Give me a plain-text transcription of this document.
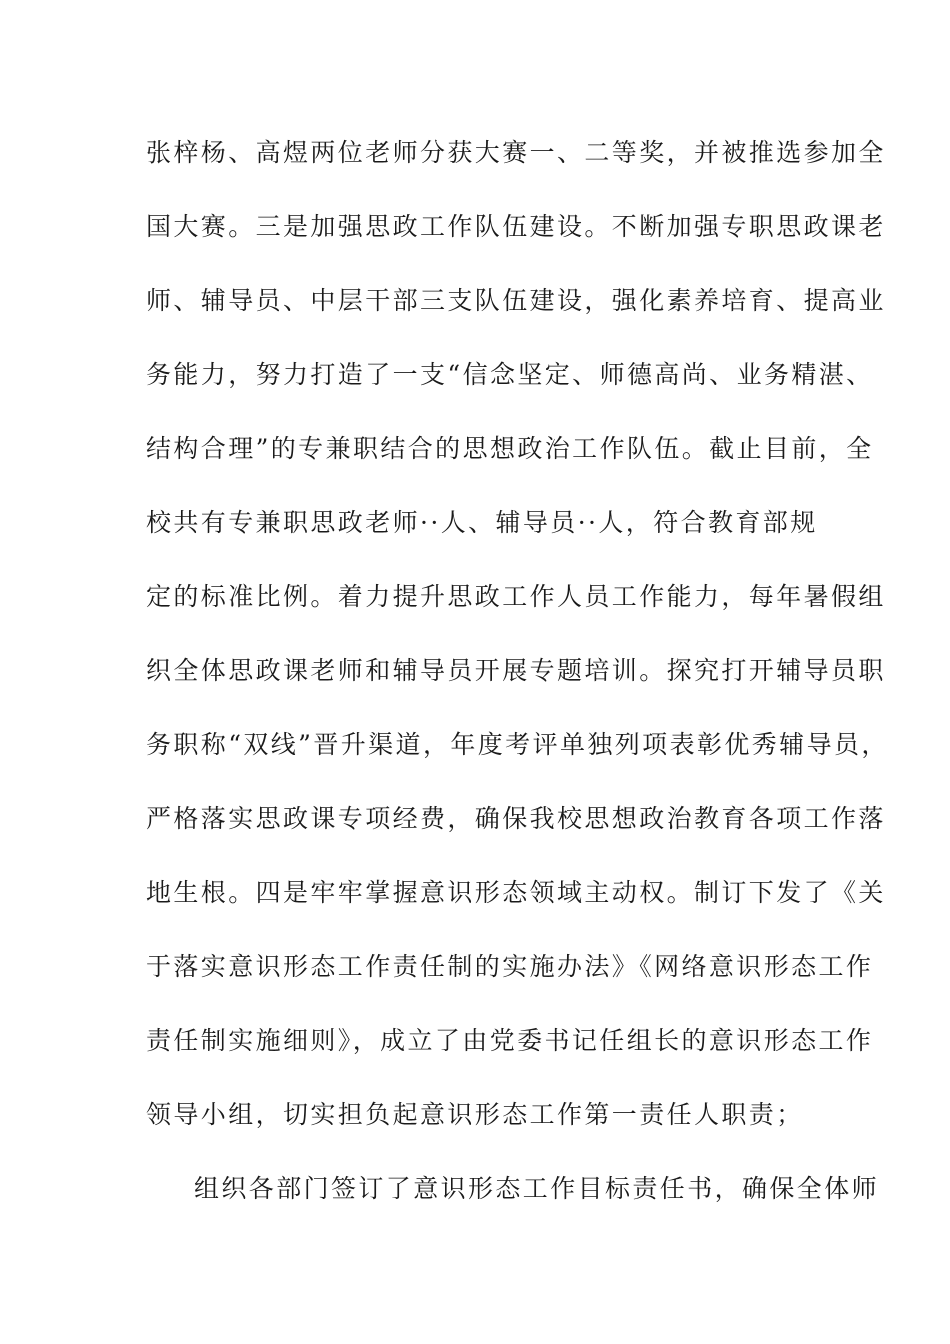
张梓杨、高煜两位老师分获大赛一、二等奖，并被推选参加全
国大赛。三是加强思政工作队伍建设。不断加强专职思政课老
师、辅导员、中层干部三支队伍建设，强化素养培育、提高业
务能力，努力打造了一支“信念坚定、师德高尚、业务精湛、
结构合理”的专兼职结合的思想政治工作队伍。截止目前，全
校共有专兼职思政老师··人、辅导员··人，符合教育部规
定的标准比例。着力提升思政工作人员工作能力，每年暑假组
织全体思政课老师和辅导员开展专题培训。探究打开辅导员职
务职称“双线”晋升渠道，年度考评单独列项表彰优秀辅导员，
严格落实思政课专项经费，确保我校思想政治教育各项工作落
地生根。四是牢牢掌握意识形态领域主动权。制订下发了《关
于落实意识形态工作责任制的实施办法》《网络意识形态工作
责任制实施细则》，成立了由党委书记任组长的意识形态工作
领导小组，切实担负起意识形态工作第一责任人职责；
组织各部门签订了意识形态工作目标责任书，确保全体师
